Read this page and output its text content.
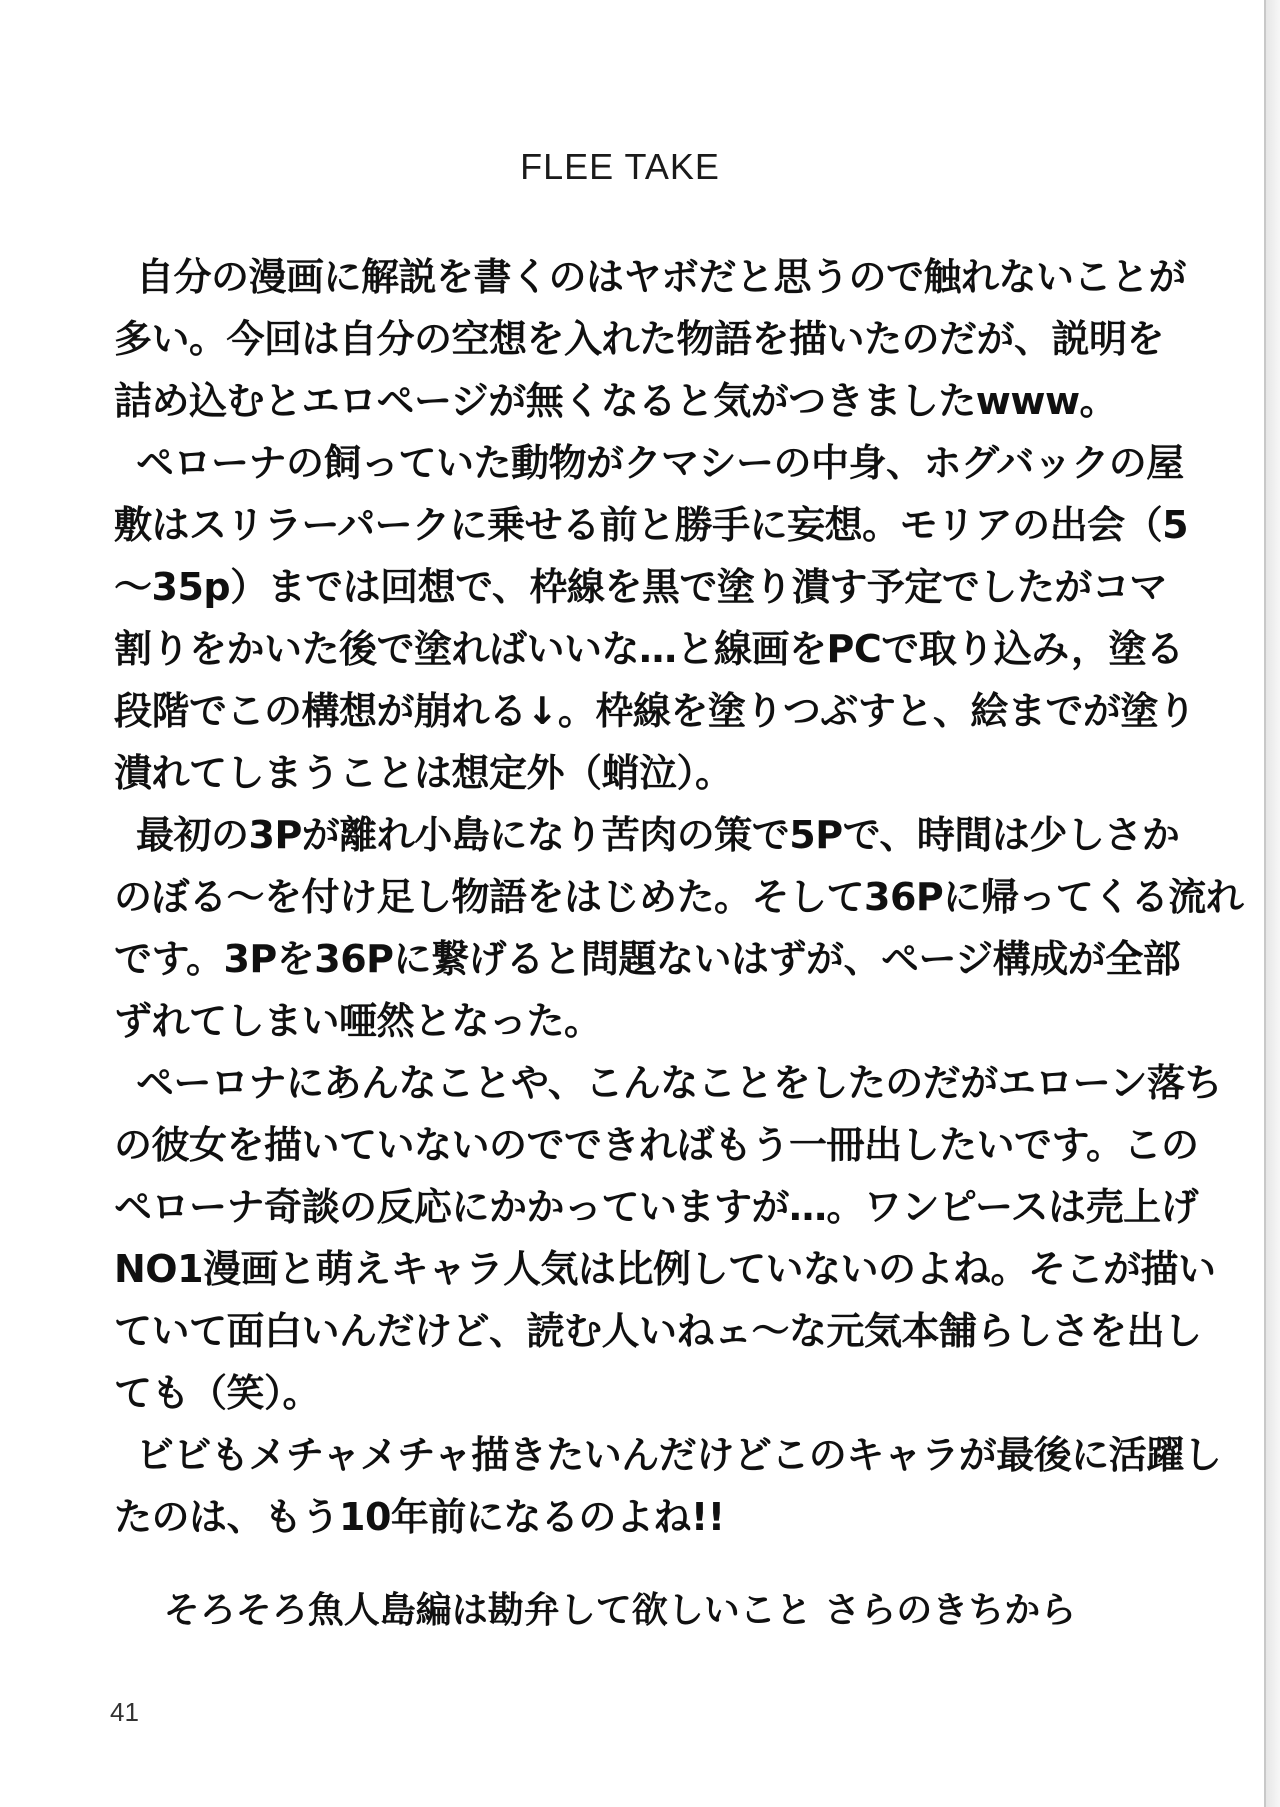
FLEE TAKE
自分の漫画に解説を書くのはヤボだと思うので触れないことが
多い。今回は自分の空想を入れた物語を描いたのだが、説明を
詰め込むとエロページが無くなると気がつきましたwww。
ペローナの飼っていた動物がクマシーの中身、ホグバックの屋
敷はスリラーパークに乗せる前と勝手に妄想。モリアの出会（5
～35p）までは回想で、枠線を黒で塗り潰す予定でしたがコマ
割りをかいた後で塗ればいいな…と線画をPCで取り込み，塗る
段階でこの構想が崩れる↓。枠線を塗りつぶすと、絵までが塗り
潰れてしまうことは想定外（蛸泣）。
最初の3Pが離れ小島になり苦肉の策で5Pで、時間は少しさか
のぼる～を付け足し物語をはじめた。そして36Pに帰ってくる流れ
です。3Pを36Pに繋げると問題ないはずが、ページ構成が全部
ずれてしまい唖然となった。
ペーロナにあんなことや、こんなことをしたのだがエローン落ち
の彼女を描いていないのでできればもう一冊出したいです。この
ペローナ奇談の反応にかかっていますが…。ワンピースは売上げ
NO1漫画と萌えキャラ人気は比例していないのよね。そこが描い
ていて面白いんだけど、読む人いねェ～な元気本舗らしさを出し
ても（笑）。
ビビもメチャメチャ描きたいんだけどこのキャラが最後に活躍し
たのは、もう10年前になるのよね!!
そろそろ魚人島編は勘弁して欲しいこと さらのきちから
41
